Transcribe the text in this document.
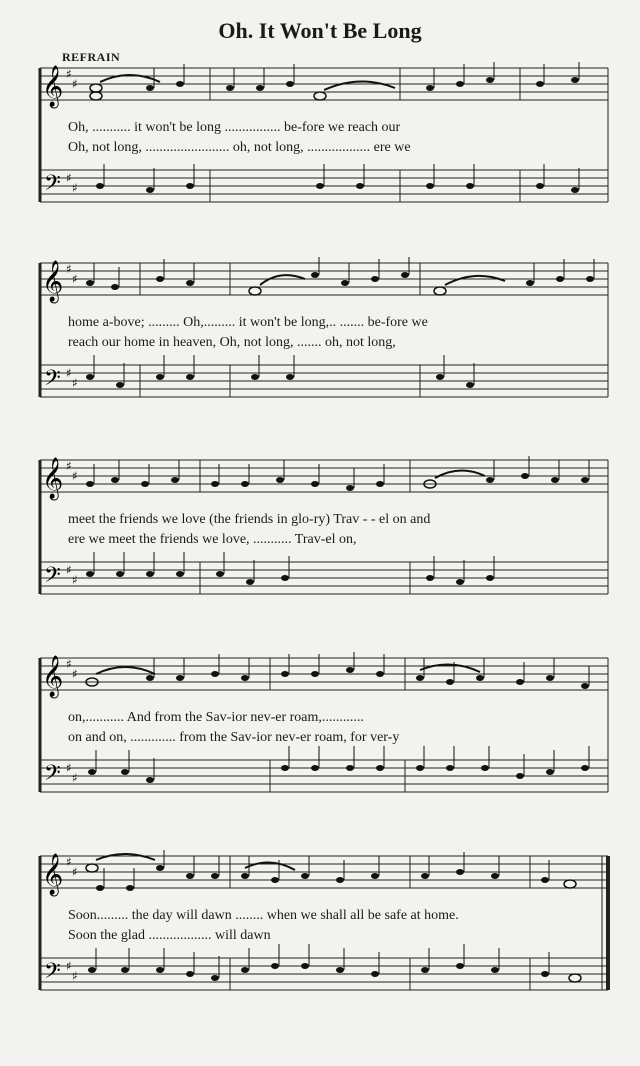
Oh. It Won't Be Long
REFRAIN
𝄞
𝄢
♯
♯
♯
♯
Oh, ........... it won't be long ................ be-fore we reach our
Oh, not long, ........................ oh, not long, .................. ere we
𝄞
𝄢
♯
♯
♯
♯
home a-bove; ......... Oh,......... it won't be long,.. ....... be-fore we
reach our home in heaven, Oh, not long, ....... oh, not long,
𝄞
𝄢
♯
♯
♯
♯
meet the friends we love (the friends in glo-ry) Trav - - el on and
ere we meet the friends we love, ........... Trav-el on,
𝄞
𝄢
♯
♯
♯
♯
on,........... And from the Sav-ior nev-er roam,............
on and on, ............. from the Sav-ior nev-er roam, for ver-y
𝄞
𝄢
♯
♯
♯
♯
Soon......... the day will dawn ........ when we shall all be safe at home.
Soon the glad .................. will dawn
